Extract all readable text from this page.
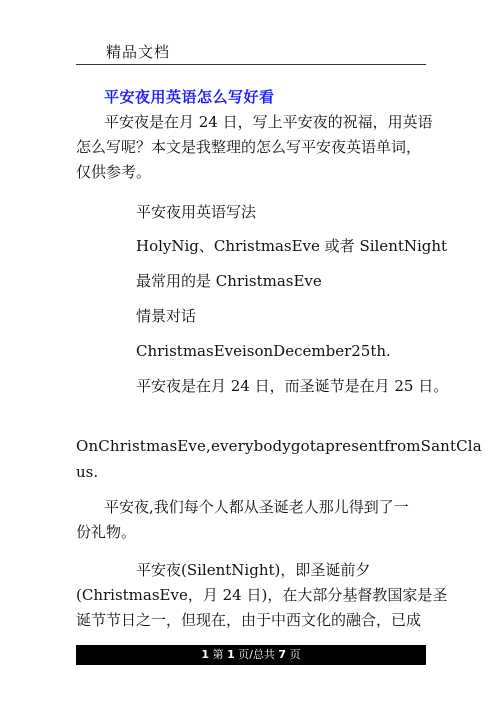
精品文档
平安夜用英语怎么写好看
平安夜是在月 24 日，写上平安夜的祝福，用英语
怎么写呢？本文是我整理的怎么写平安夜英语单词，
仅供参考。
平安夜用英语写法
HolyNig、ChristmasEve 或者 SilentNight
最常用的是 ChristmasEve
情景对话
ChristmasEveisonDecember25th.
平安夜是在月 24 日，而圣诞节是在月 25 日。
OnChristmasEve,everybodygotapresentfromSantCla
us.
平安夜,我们每个人都从圣诞老人那儿得到了一
份礼物。
平安夜(SilentNight)，即圣诞前夕
(ChristmasEve，月 24 日)，在大部分基督教国家是圣
诞节节日之一，但现在，由于中西文化的融合，已成
1 第 1 页/总共 7 页
